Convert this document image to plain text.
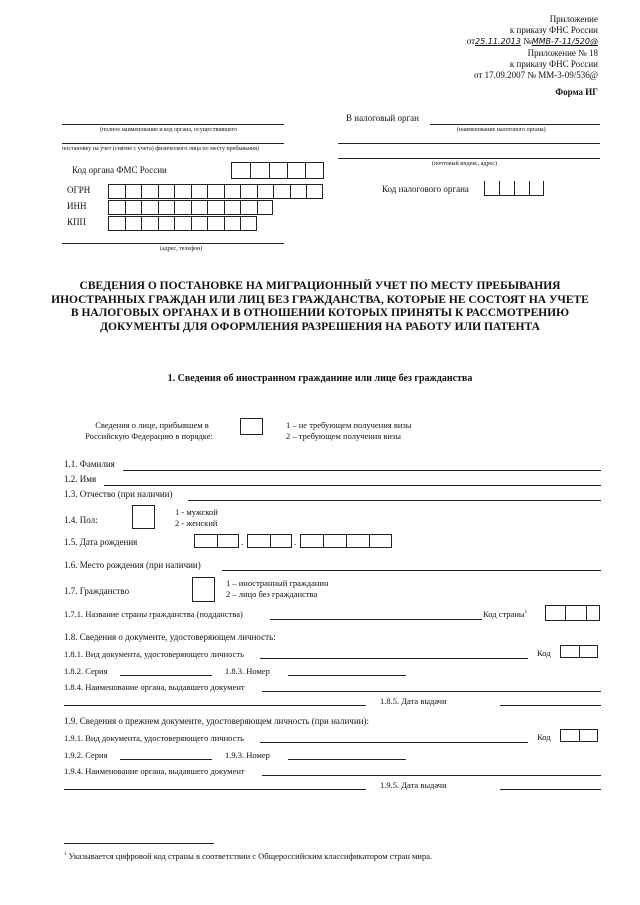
Приложение
к приказу ФНС России
от25.11.2013 №ММВ-7-11/520@
Приложение № 18
к приказу ФНС России
от 17.09.2007 № ММ-3-09/536@
Форма ИГ
(полное наименование и код органа, осуществившего
постановку на учет (снятие с учета) физического лица по месту пребывания)
Код органа ФМС России
ОГРН
ИНН
КПП
(адрес, телефон)
В налоговый орган
(наименование налогового органа)
(почтовый индекс, адрес)
Код налогового органа
СВЕДЕНИЯ О ПОСТАНОВКЕ НА МИГРАЦИОННЫЙ УЧЕТ ПО МЕСТУ ПРЕБЫВАНИЯ
ИНОСТРАННЫХ ГРАЖДАН ИЛИ ЛИЦ БЕЗ ГРАЖДАНСТВА, КОТОРЫЕ НЕ СОСТОЯТ НА УЧЕТЕ
В НАЛОГОВЫХ ОРГАНАХ И В ОТНОШЕНИИ КОТОРЫХ ПРИНЯТЫ К РАССМОТРЕНИЮ
ДОКУМЕНТЫ ДЛЯ ОФОРМЛЕНИЯ РАЗРЕШЕНИЯ НА РАБОТУ ИЛИ ПАТЕНТА
1. Сведения об иностранном гражданине или лице без гражданства
Сведения о лице, прибывшем в
Российскую Федерацию в порядке:
1 – не требующем получения визы
2 – требующем получения визы
1.1. Фамилия
1.2. Имя
1.3. Отчество (при наличии)
1.4. Пол:
1 - мужской
2 - женский
1.5. Дата рождения	.	.
1.6. Место рождения (при наличии)
1.7. Гражданство
1 – иностранный гражданин
2 – лицо без гражданства
1.7.1. Название страны гражданства (подданства)	Код страны$^1$
1.8. Сведения о документе, удостоверяющем личность:
1.8.1. Вид документа, удостоверяющего личность	Код
1.8.2. Серия	1.8.3. Номер
1.8.4. Наименование органа, выдавшего документ
1.8.5. Дата выдачи
1.9. Сведения о прежнем документе, удостоверяющем личность (при наличии):
1.9.1. Вид документа, удостоверяющего личность	Код
1.9.2. Серия	1.9.3. Номер
1.9.4. Наименование органа, выдавшего документ
1.9.5. Дата выдачи
$^1$ Указывается цифровой код страны в соответствии с Общероссийским классификатором стран мира.
